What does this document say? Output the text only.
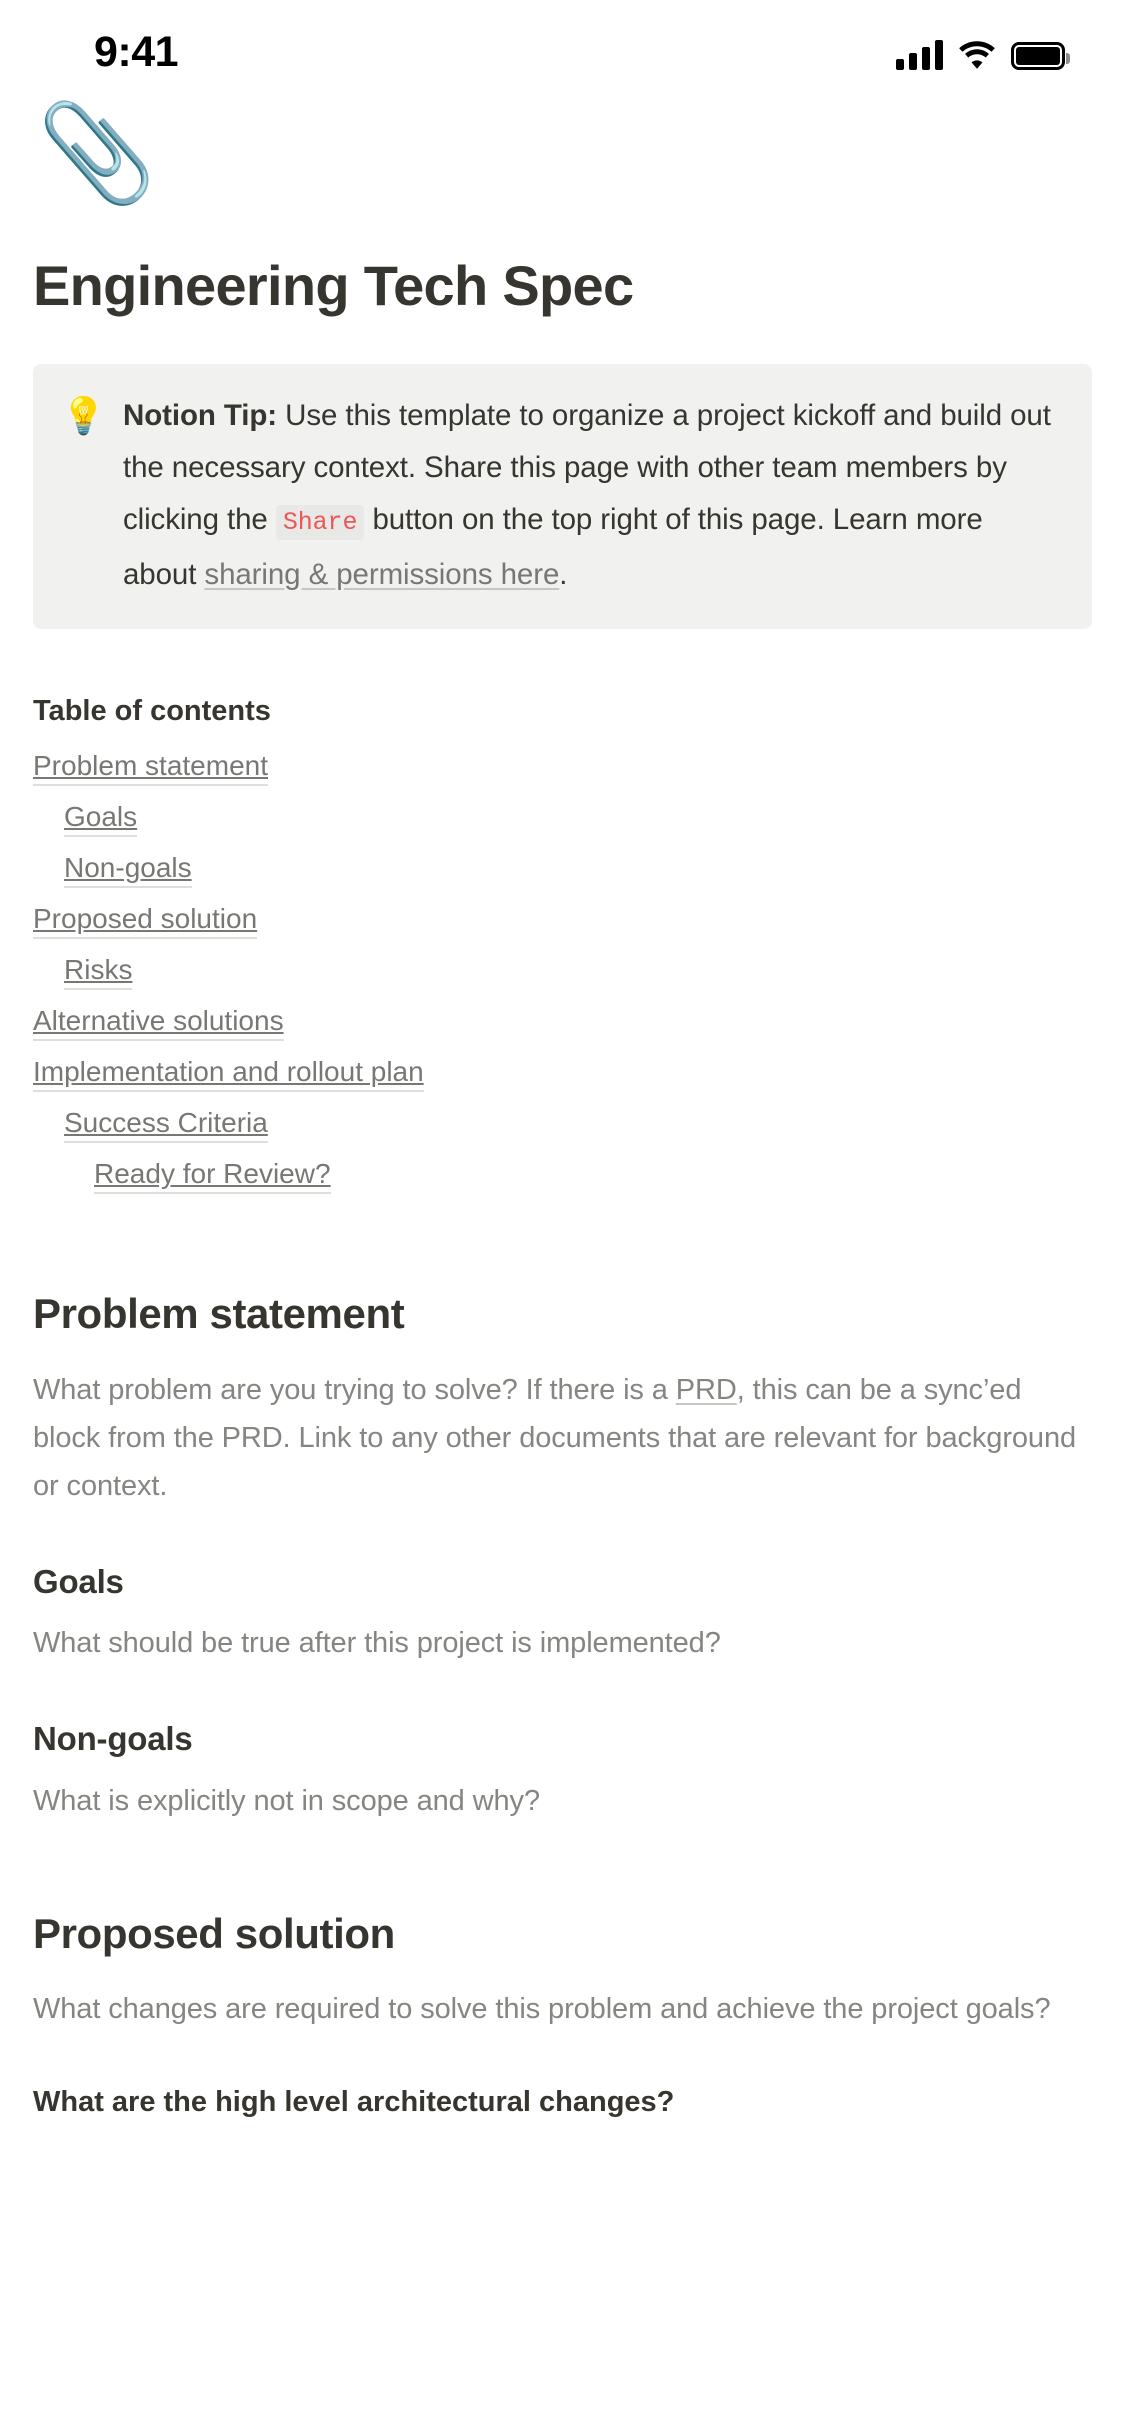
9:41
📎
Engineering Tech Spec
💡 Notion Tip: Use this template to organize a project kickoff and build out the necessary context. Share this page with other team members by clicking the Share button on the top right of this page. Learn more about sharing & permissions here.
Table of contents
Problem statement
Goals
Non-goals
Proposed solution
Risks
Alternative solutions
Implementation and rollout plan
Success Criteria
Ready for Review?
Problem statement

What problem are you trying to solve? If there is a PRD, this can be a sync’ed block from the PRD. Link to any other documents that are relevant for background or context.

Goals

What should be true after this project is implemented?

Non-goals

What is explicitly not in scope and why?

Proposed solution

What changes are required to solve this problem and achieve the project goals?

What are the high level architectural changes?
